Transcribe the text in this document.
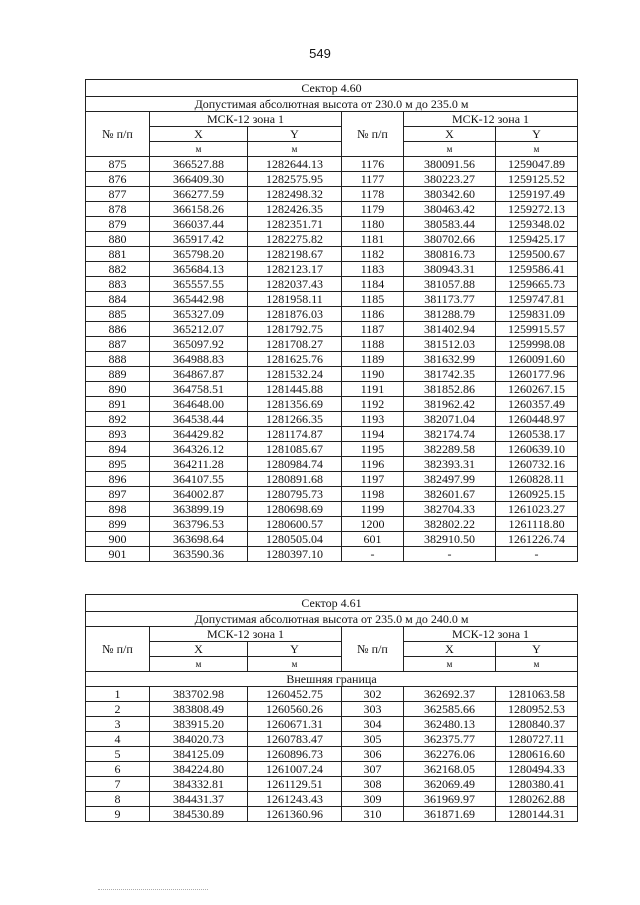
549
Сектор 4.60					
Допустимая абсолютная высота от 230.0 м до 235.0 м					
№ п/п	МСК-12 зона 1		№ п/п	МСК-12 зона 1	
	X	Y		X	Y
	м	м		м	м
875	366527.88	1282644.13	1176	380091.56	1259047.89
876	366409.30	1282575.95	1177	380223.27	1259125.52
877	366277.59	1282498.32	1178	380342.60	1259197.49
878	366158.26	1282426.35	1179	380463.42	1259272.13
879	366037.44	1282351.71	1180	380583.44	1259348.02
880	365917.42	1282275.82	1181	380702.66	1259425.17
881	365798.20	1282198.67	1182	380816.73	1259500.67
882	365684.13	1282123.17	1183	380943.31	1259586.41
883	365557.55	1282037.43	1184	381057.88	1259665.73
884	365442.98	1281958.11	1185	381173.77	1259747.81
885	365327.09	1281876.03	1186	381288.79	1259831.09
886	365212.07	1281792.75	1187	381402.94	1259915.57
887	365097.92	1281708.27	1188	381512.03	1259998.08
888	364988.83	1281625.76	1189	381632.99	1260091.60
889	364867.87	1281532.24	1190	381742.35	1260177.96
890	364758.51	1281445.88	1191	381852.86	1260267.15
891	364648.00	1281356.69	1192	381962.42	1260357.49
892	364538.44	1281266.35	1193	382071.04	1260448.97
893	364429.82	1281174.87	1194	382174.74	1260538.17
894	364326.12	1281085.67	1195	382289.58	1260639.10
895	364211.28	1280984.74	1196	382393.31	1260732.16
896	364107.55	1280891.68	1197	382497.99	1260828.11
897	364002.87	1280795.73	1198	382601.67	1260925.15
898	363899.19	1280698.69	1199	382704.33	1261023.27
899	363796.53	1280600.57	1200	382802.22	1261118.80
900	363698.64	1280505.04	601	382910.50	1261226.74
901	363590.36	1280397.10	-	-	-
Сектор 4.61					
Допустимая абсолютная высота от 235.0 м до 240.0 м					
№ п/п	МСК-12 зона 1		№ п/п	МСК-12 зона 1	
	X	Y		X	Y
	м	м		м	м
Внешняя граница					
1	383702.98	1260452.75	302	362692.37	1281063.58
2	383808.49	1260560.26	303	362585.66	1280952.53
3	383915.20	1260671.31	304	362480.13	1280840.37
4	384020.73	1260783.47	305	362375.77	1280727.11
5	384125.09	1260896.73	306	362276.06	1280616.60
6	384224.80	1261007.24	307	362168.05	1280494.33
7	384332.81	1261129.51	308	362069.49	1280380.41
8	384431.37	1261243.43	309	361969.97	1280262.88
9	384530.89	1261360.96	310	361871.69	1280144.31
